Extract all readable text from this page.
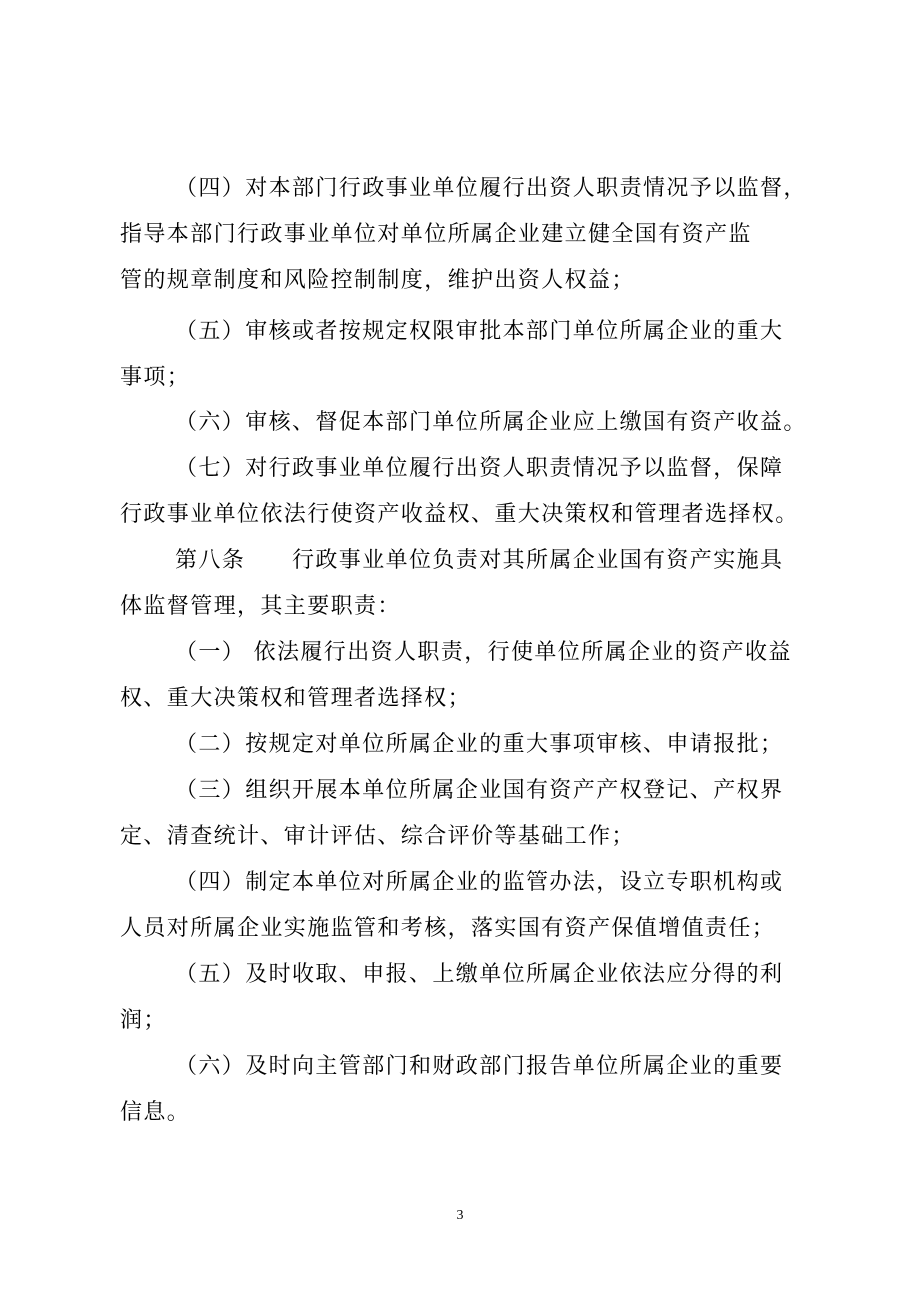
（四）对本部门行政事业单位履行出资人职责情况予以监督，
指导本部门行政事业单位对单位所属企业建立健全国有资产监
管的规章制度和风险控制制度，维护出资人权益；
（五）审核或者按规定权限审批本部门单位所属企业的重大
事项；
（六）审核、督促本部门单位所属企业应上缴国有资产收益。
（七）对行政事业单位履行出资人职责情况予以监督，保障
行政事业单位依法行使资产收益权、重大决策权和管理者选择权。
第八条　　行政事业单位负责对其所属企业国有资产实施具
体监督管理，其主要职责：
（一） 依法履行出资人职责，行使单位所属企业的资产收益
权、重大决策权和管理者选择权；
（二）按规定对单位所属企业的重大事项审核、申请报批；
（三）组织开展本单位所属企业国有资产产权登记、产权界
定、清查统计、审计评估、综合评价等基础工作；
（四）制定本单位对所属企业的监管办法，设立专职机构或
人员对所属企业实施监管和考核，落实国有资产保值增值责任；
（五）及时收取、申报、上缴单位所属企业依法应分得的利
润；
（六）及时向主管部门和财政部门报告单位所属企业的重要
信息。
3
